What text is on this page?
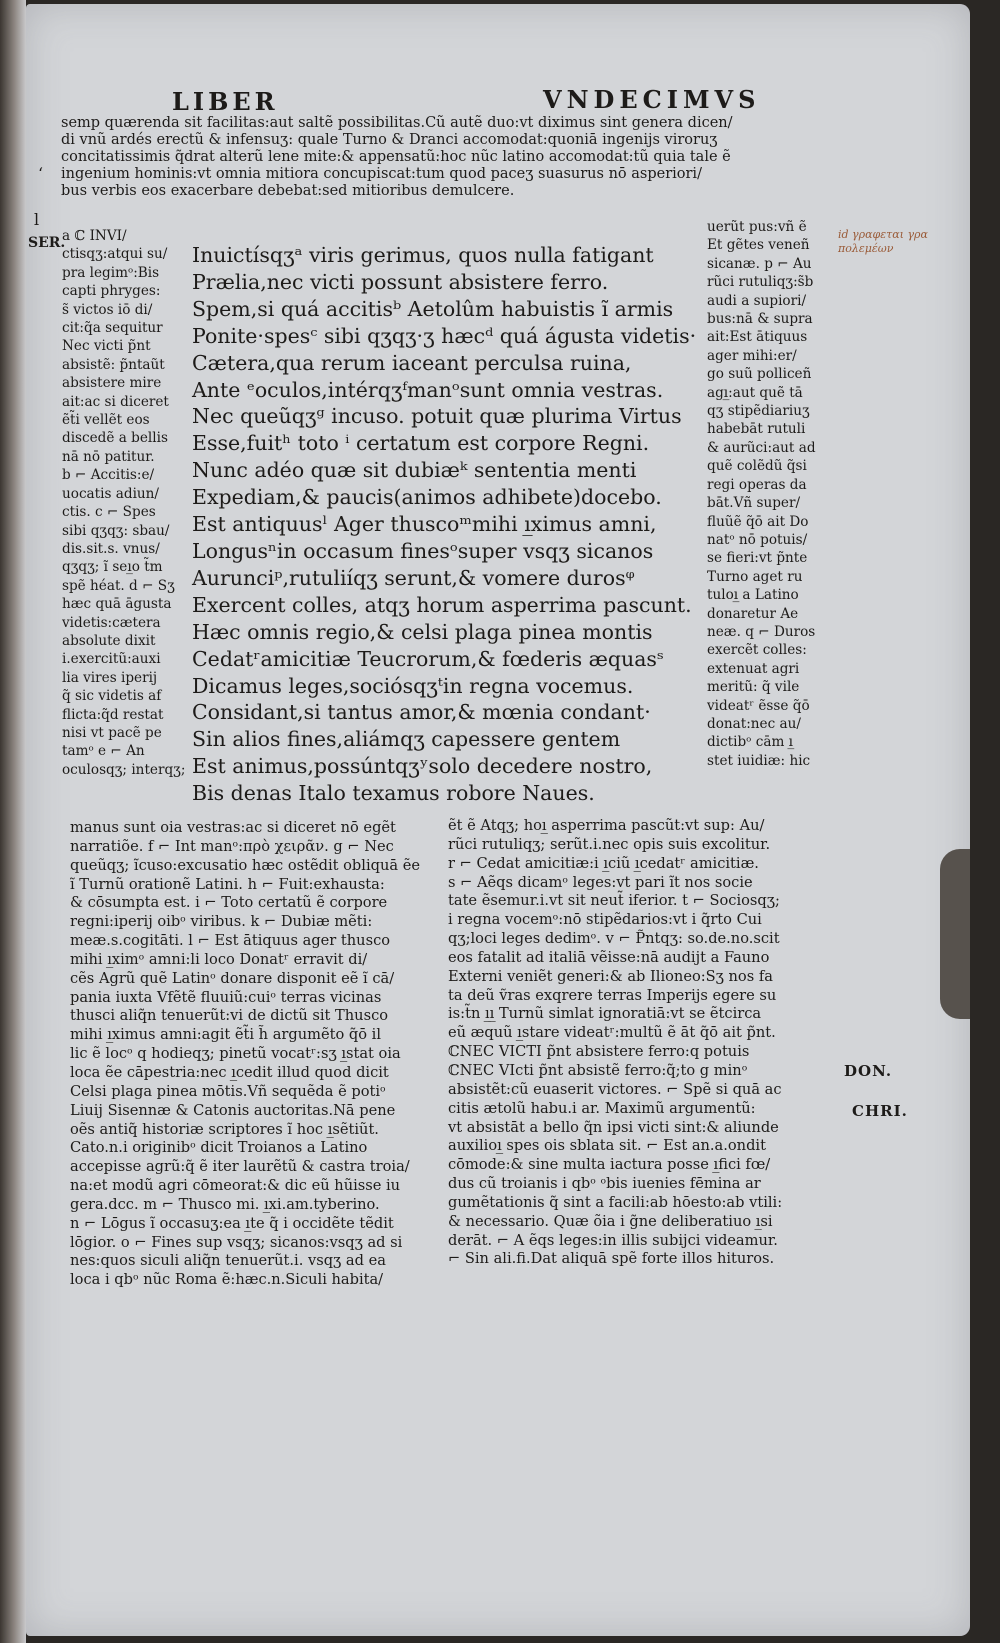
LIBER	VNDECIMVS
‘
l
SER.
semp quærenda sit facilitas:aut saltẽ possibilitas.Cũ autẽ duo:vt diximus sint genera dicen/
di vnũ ardés erectũ & infensuʒ: quale Turno & Dranci accomodat:quoniā ingenijs viroruʒ
concitatissimis q̃drat alterũ lene mite:& appensatũ:hoc nũc latino accomodat:tũ quia tale ẽ
ingenium hominis:vt omnia mitiora concupiscat:tum quod paceʒ suasurus nō asperiori/
bus verbis eos exacerbare debebat:sed mitioribus demulcere.
Inuictísqʒᵃ viris gerimus, quos nulla fatigant
Prælia,nec victi possunt absistere ferro.
Spem,si quá accitisᵇ Aetolûm habuistis ĩ armis
Ponite·spesᶜ sibi qʒqʒ·ʒ hæcᵈ quá águsta videtis·
Cætera,qua rerum iaceant perculsa ruina,
Ante ᵉoculos,intérqʒᶠmanᵒsunt omnia vestras.
Nec queũqʒᵍ incuso. potuit quæ plurima Virtus
Esse,fuitʰ toto ⁱ certatum est corpore Regni.
Nunc adéo quæ sit dubiæᵏ sententia menti
Expediam,& paucis(animos adhibete)docebo.
Est antiquusˡ Ager thuscoᵐmihi ı̲ximus amni,
Longusⁿin occasum finesᵒsuper vsqʒ sicanos
Aurunciᵖ,rutuliíqʒ serunt,& vomere durosᵠ
Exercent colles, atqʒ horum asperrima pascunt.
Hæc omnis regio,& celsi plaga pinea montis
Cedatʳamicitiæ Teucrorum,& fœderis æquasˢ
Dicamus leges,sociósqʒᵗin regna vocemus.
Considant,si tantus amor,& mœnia condant·
Sin alios fines,aliámqʒ capessere gentem
Est animus,possúntqʒʸsolo decedere nostro,
Bis denas Italo texamus robore Naues.
a ℂ INVI/
ctisqʒ:atqui su/
pra legimᵒ:Bis
capti phryges:
s̃ victos iō di/
cit:q̃a sequitur
Nec victi p̃nt
absistẽ: p̃ntaũt
absistere mire
ait:ac si diceret
ẽt̃i vellẽt eos
discedẽ a bellis
nā nō patitur.
b ⌐ Accitis:e/
uocatis adiun/
ctis. c ⌐ Spes
sibi qʒqʒ: sbau/
dis.sit.s. vnus/
qʒqʒ; ĩ seı̲o t̃m
spẽ héat. d ⌐ Sʒ
hæc quā āgusta
videtis:cætera
absolute dixit
i.exercitũ:auxi
lia vires iperij
q̃ sic videtis af
flicta:q̃d restat
nisi vt pacẽ pe
tamᵒ e ⌐ An
oculosqʒ; interqʒ;
uerũt pus:vñ ẽ
Et gẽtes veneñ
sicanæ. p ⌐ Au
rũci rutuliqʒ:s̃b
audi a supiori/
bus:nā & supra
ait:Est ātiquus
ager mihi:er/
go suũ polliceñ
agı̲:aut quẽ tā
qʒ stipẽdiariuʒ
habebāt rutuli
& aurũci:aut ad
quẽ colẽdũ q̃si
regi operas da
bāt.Vñ super/
fluũẽ q̃ō ait Do
natᵒ nō potuis/
se fieri:vt p̃nte
Turno aget ru
tuloı̲ a Latino
donaretur Ae
neæ. q ⌐ Duros
exercẽt colles:
extenuat agri
meritũ: q̃ vile
videatʳ ẽsse q̃ō
donat:nec au/
dictibᵒ cām ı̲
stet iuidiæ: hic
id γραφεται γρα
πολεμέων
manus sunt oia vestras:ac si diceret nō egẽt
narratiõe. f ⌐ Int manᵒ:πρὸ χειρᾶν. g ⌐ Nec
queũqʒ; ĩcuso:excusatio hæc ostẽdit obliquā ẽe
ĩ Turnũ orationẽ Latini. h ⌐ Fuit:exhausta:
& cōsumpta est. i ⌐ Toto certatũ ẽ corpore
regni:iperij oibᵒ viribus. k ⌐ Dubiæ mẽti:
meæ.s.cogitāti. l ⌐ Est ātiquus ager thusco
mihi ı̲ximᵒ amni:li loco Donatʳ erravit di/
cẽs Agrũ quẽ Latinᵒ donare disponit eẽ ĩ cā/
pania iuxta Vfẽtẽ fluuiũ:cuiᵒ terras vicinas
thusci aliq̃n tenuerũt:vi de dictũ sit Thusco
mihi ı̲ximus amni:agit ẽt̃i h̃ argumẽto q̃ō il
lic ẽ locᵒ q hodieqʒ; pinetũ vocatʳ:sʒ ı̲stat oia
loca ẽe cāpestria:nec ı̲cedit illud quod dicit
Celsi plaga pinea mōtis.Vñ sequẽda ẽ potiᵒ
Liuij Sisennæ & Catonis auctoritas.Nā pene
oẽs antiq̃ historiæ scriptores ĩ hoc ı̲sẽtiũt.
Cato.n.i originibᵒ dicit Troianos a Latino
accepisse agrũ:q̃ ẽ iter laurẽtũ & castra troia/
na:et modũ agri cōmeorat:& dic eũ hũisse iu
gera.dcc. m ⌐ Thusco mi. ı̲xi.am.tyberino.
n ⌐ Lōgus ĩ occasuʒ:ea ı̲te q̃ i occidẽte tẽdit
lōgior. o ⌐ Fines sup vsqʒ; sicanos:vsqʒ ad si
nes:quos siculi aliq̃n tenuerũt.i. vsqʒ ad ea
loca i qbᵒ nũc Roma ẽ:hæc.n.Siculi habita/
ẽt ẽ Atqʒ; hoı̲ asperrima pascũt:vt sup: Au/
rũci rutuliqʒ; serũt.i.nec opis suis excolitur.
r ⌐ Cedat amicitiæ:i ı̲ciũ ı̲cedatʳ amicitiæ.
s ⌐ Aẽqs dicamᵒ leges:vt pari ĩt nos socie
tate ẽsemur.i.vt sit neut̃ iferior. t ⌐ Sociosqʒ;
i regna vocemᵒ:nō stipẽdarios:vt i q̃rto Cui
qʒ;loci leges dedimᵒ. v ⌐ P̃ntqʒ: so.de.no.scit
eos fatalit ad italiā vẽisse:nā audijt a Fauno
Externi veniẽt generi:& ab Ilioneo:Sʒ nos fa
ta deũ ṽras exqrere terras Imperijs egere su
is:t̃n ı̲ı̲ Turnũ simlat ignoratiā:vt se ẽtcirca
eũ æquũ ı̲stare videatʳ:multũ ẽ āt q̃ō ait p̃nt.
ℂNEC VICTI p̃nt absistere ferro:q potuis
ℂNEC VIcti p̃nt absistẽ ferro:q̃;to g minᵒ
absistẽt:cũ euaserit victores. ⌐ Spẽ si quā ac
citis ætolũ habu.i ar. Maximũ argumentũ:
vt absistāt a bello q̃n ipsi victi sint:& aliunde
auxilioı̲ spes ois sblata sit. ⌐ Est an.a.ondit
cōmode:& sine multa iactura posse ı̲fici fœ/
dus cũ troianis i qbᵒ ᵒbis iuenies fēmina ar
gumẽtationis q̃ sint a facili:ab hōesto:ab vtili:
& necessario. Quæ õia i g̃ne deliberatiuo ı̲si
derāt. ⌐ A ẽqs leges:in illis subijci videamur.
⌐ Sin ali.fi.Dat aliquā spẽ forte illos hituros.
DON.
CHRI.
